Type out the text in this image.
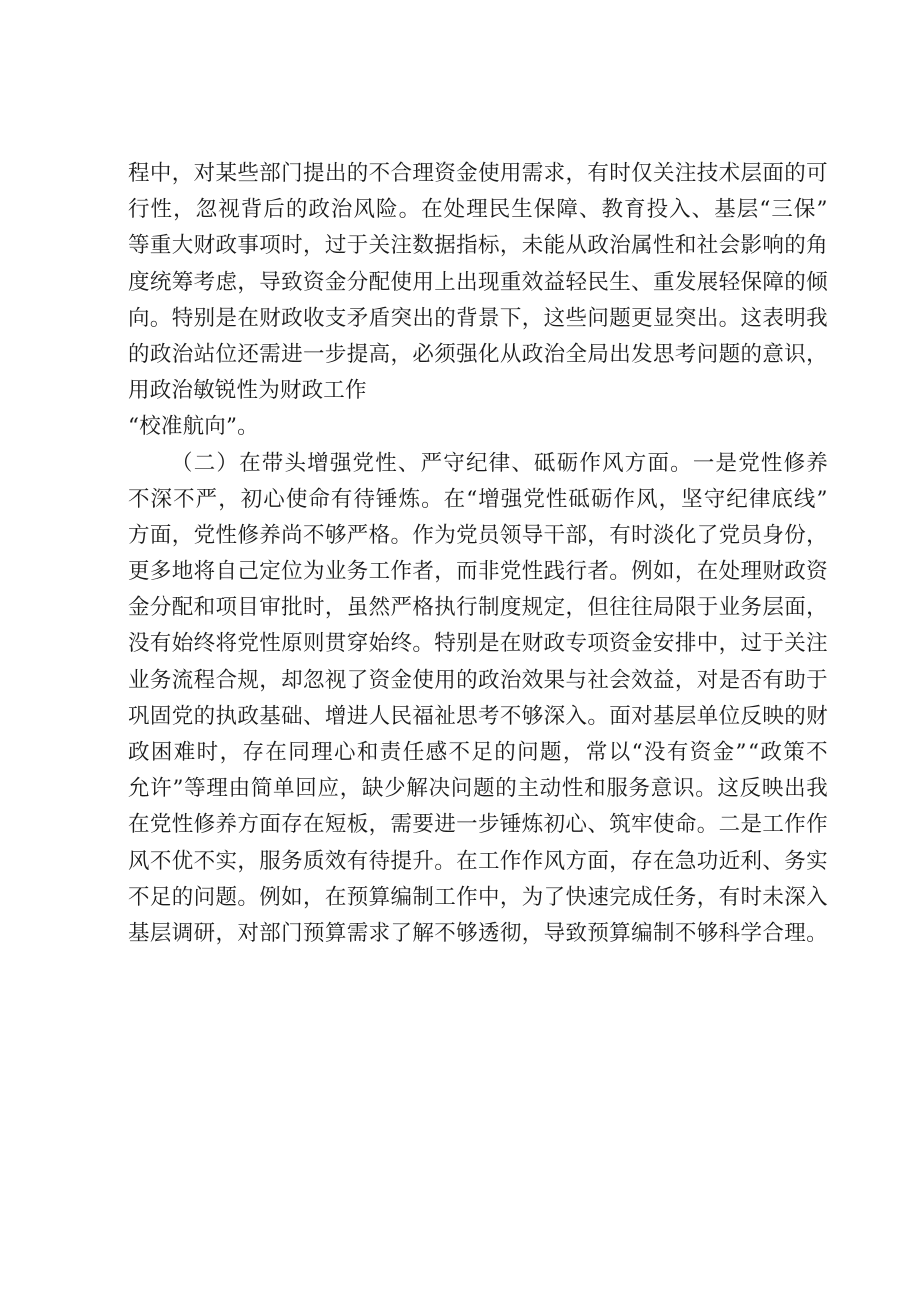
程 中 ， 对 某 些 部 门 提 出 的 不 合 理 资 金 使 用 需 求 ， 有 时 仅 关 注 技 术 层 面 的 可
行 性 ， 忽 视 背 后 的 政 治 风 险 。 在 处 理 民 生 保 障 、 教 育 投 入 、 基 层 “ 三 保 ”
等 重 大 财 政 事 项 时 ， 过 于 关 注 数 据 指 标 ， 未 能 从 政 治 属 性 和 社 会 影 响 的 角
度 统 筹 考 虑 ， 导 致 资 金 分 配 使 用 上 出 现 重 效 益 轻 民 生 、 重 发 展 轻 保 障 的 倾
向 。 特 别 是 在 财 政 收 支 矛 盾 突 出 的 背 景 下 ， 这 些 问 题 更 显 突 出 。 这 表 明 我
的 政 治 站 位 还 需 进 一 步 提 高 ， 必 须 强 化 从 政 治 全 局 出 发 思 考 问 题 的 意 识 ，
用政治敏锐性为财政工作
“校准航向”。
（ 二 ） 在 带 头 增 强 党 性 、 严 守 纪 律 、 砥 砺 作 风 方 面 。 一 是 党 性 修 养
不 深 不 严 ， 初 心 使 命 有 待 锤 炼 。 在 “ 增 强 党 性 砥 砺 作 风 ， 坚 守 纪 律 底 线 ”
方 面 ， 党 性 修 养 尚 不 够 严 格 。 作 为 党 员 领 导 干 部 ， 有 时 淡 化 了 党 员 身 份 ，
更 多 地 将 自 己 定 位 为 业 务 工 作 者 ， 而 非 党 性 践 行 者 。 例 如 ， 在 处 理 财 政 资
金 分 配 和 项 目 审 批 时 ， 虽 然 严 格 执 行 制 度 规 定 ， 但 往 往 局 限 于 业 务 层 面 ，
没 有 始 终 将 党 性 原 则 贯 穿 始 终 。 特 别 是 在 财 政 专 项 资 金 安 排 中 ， 过 于 关 注
业 务 流 程 合 规 ， 却 忽 视 了 资 金 使 用 的 政 治 效 果 与 社 会 效 益 ， 对 是 否 有 助 于
巩 固 党 的 执 政 基 础 、 增 进 人 民 福 祉 思 考 不 够 深 入 。 面 对 基 层 单 位 反 映 的 财
政 困 难 时 ， 存 在 同 理 心 和 责 任 感 不 足 的 问 题 ， 常 以 “ 没 有 资 金 ” “ 政 策 不
允 许 ” 等 理 由 简 单 回 应 ， 缺 少 解 决 问 题 的 主 动 性 和 服 务 意 识 。 这 反 映 出 我
在 党 性 修 养 方 面 存 在 短 板 ， 需 要 进 一 步 锤 炼 初 心 、 筑 牢 使 命 。 二 是 工 作 作
风 不 优 不 实 ， 服 务 质 效 有 待 提 升 。 在 工 作 作 风 方 面 ， 存 在 急 功 近 利 、 务 实
不 足 的 问 题 。 例 如 ， 在 预 算 编 制 工 作 中 ， 为 了 快 速 完 成 任 务 ， 有 时 未 深 入
基 层 调 研 ， 对 部 门 预 算 需 求 了 解 不 够 透 彻 ， 导 致 预 算 编 制 不 够 科 学 合 理 。
